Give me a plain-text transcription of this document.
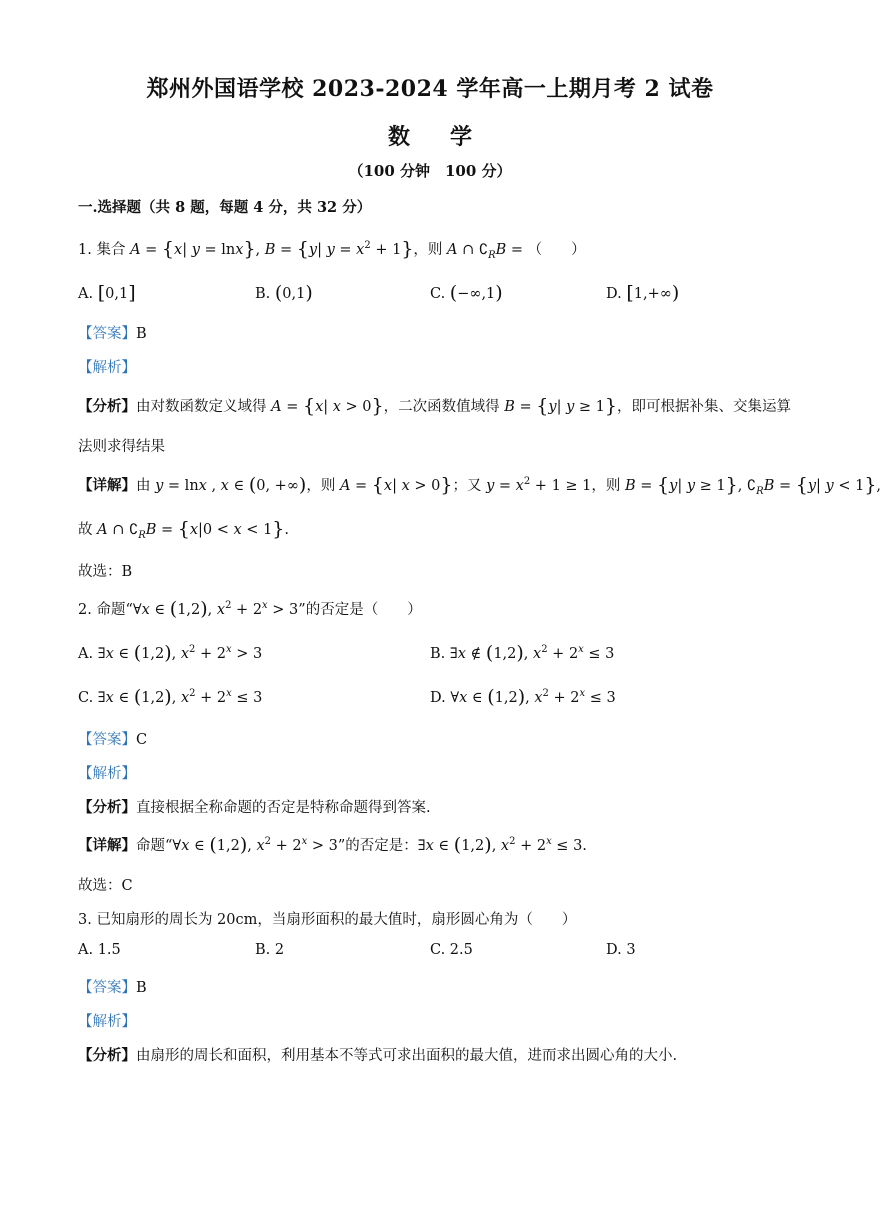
郑州外国语学校 2023-2024 学年高一上期月考 2 试卷
数学
（100 分钟　100 分）
一.选择题（共 8 题，每题 4 分，共 32 分）
1. 集合 A = {x| y = lnx}, B = {y| $y = x^2 + 1$}，则 A ∩ $∁_RB$ = （　　）
A. [0,1]	B. (0,1)	C. (−∞,1)	D. [1,+∞)
【答案】B
【解析】
【分析】由对数函数定义域得 A = {x| x > 0}，二次函数值域得 B = {y| y ≥ 1}，即可根据补集、交集运算
法则求得结果
【详解】由 y = lnx , x ∈ (0, +∞)，则 A = {x| x > 0}；又 $y = x^2 + 1 \ge 1$，则 B = {y| y ≥ 1}, $∁_RB = \{y|$ y < 1},
故 A ∩ $∁_RB = \{x|0 < x < 1\}$.
故选：B
2. 命题“∀x ∈ (1,2), $x^2 + 2^x > 3$”的否定是（　　）
A. ∃x ∈ (1,2), $x^2 + 2^x > 3$	B. ∃x ∉ (1,2), $x^2 + 2^x \le 3$
C. ∃x ∈ (1,2), $x^2 + 2^x \le 3$	D. ∀x ∈ (1,2), $x^2 + 2^x \le 3$
【答案】C
【解析】
【分析】直接根据全称命题的否定是特称命题得到答案.
【详解】命题“∀x ∈ (1,2), $x^2 + 2^x > 3$”的否定是：∃x ∈ (1,2), $x^2 + 2^x \le 3$.
故选：C
3. 已知扇形的周长为 20cm，当扇形面积的最大值时，扇形圆心角为（　　）
A. 1.5	B. 2	C. 2.5	D. 3
【答案】B
【解析】
【分析】由扇形的周长和面积，利用基本不等式可求出面积的最大值，进而求出圆心角的大小.
